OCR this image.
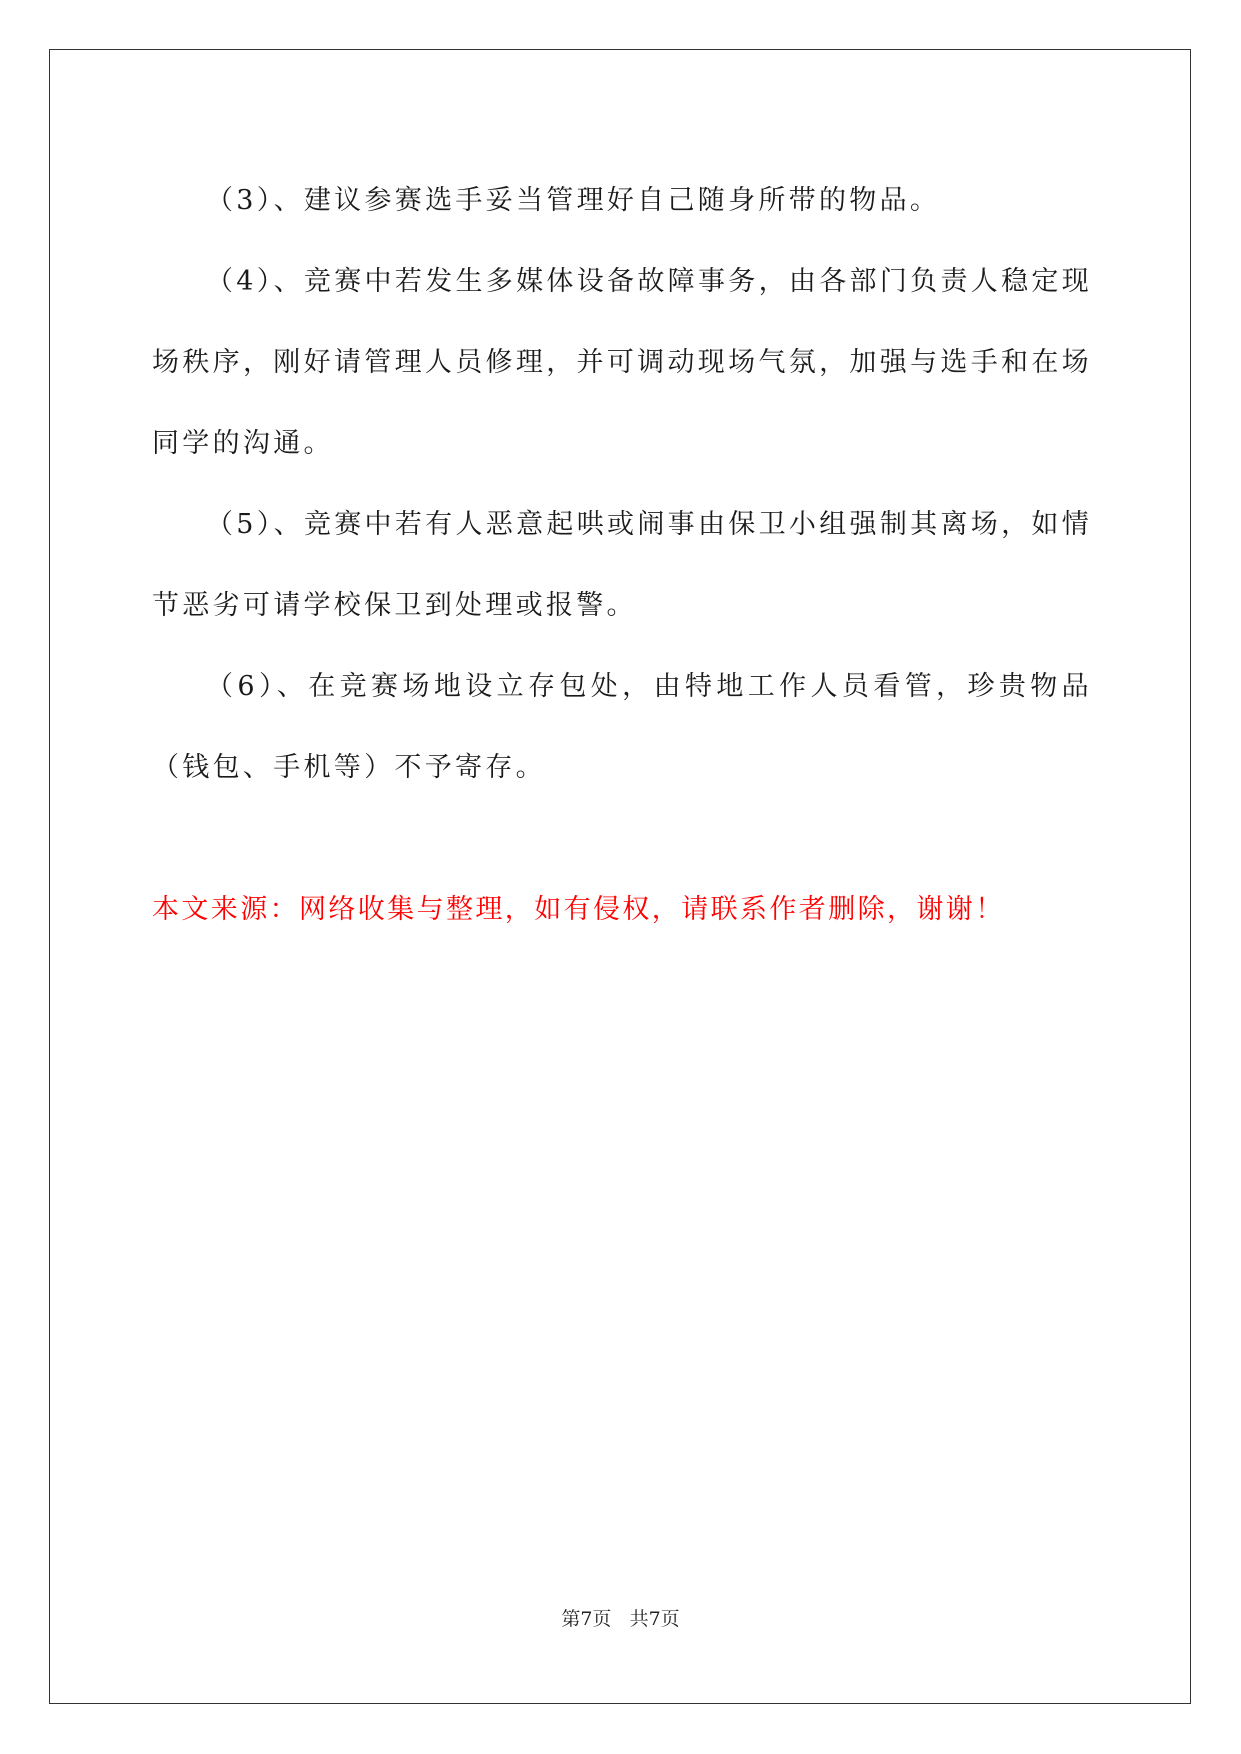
（3）、建议参赛选手妥当管理好自己随身所带的物品。

（4）、竞赛中若发生多媒体设备故障事务，由各部门负责人稳定现场秩序，刚好请管理人员修理，并可调动现场气氛，加强与选手和在场同学的沟通。

（5）、竞赛中若有人恶意起哄或闹事由保卫小组强制其离场，如情节恶劣可请学校保卫到处理或报警。

（6）、在竞赛场地设立存包处，由特地工作人员看管，珍贵物品（钱包、手机等）不予寄存。

本文来源：网络收集与整理，如有侵权，请联系作者删除，谢谢！

第7页 共7页
